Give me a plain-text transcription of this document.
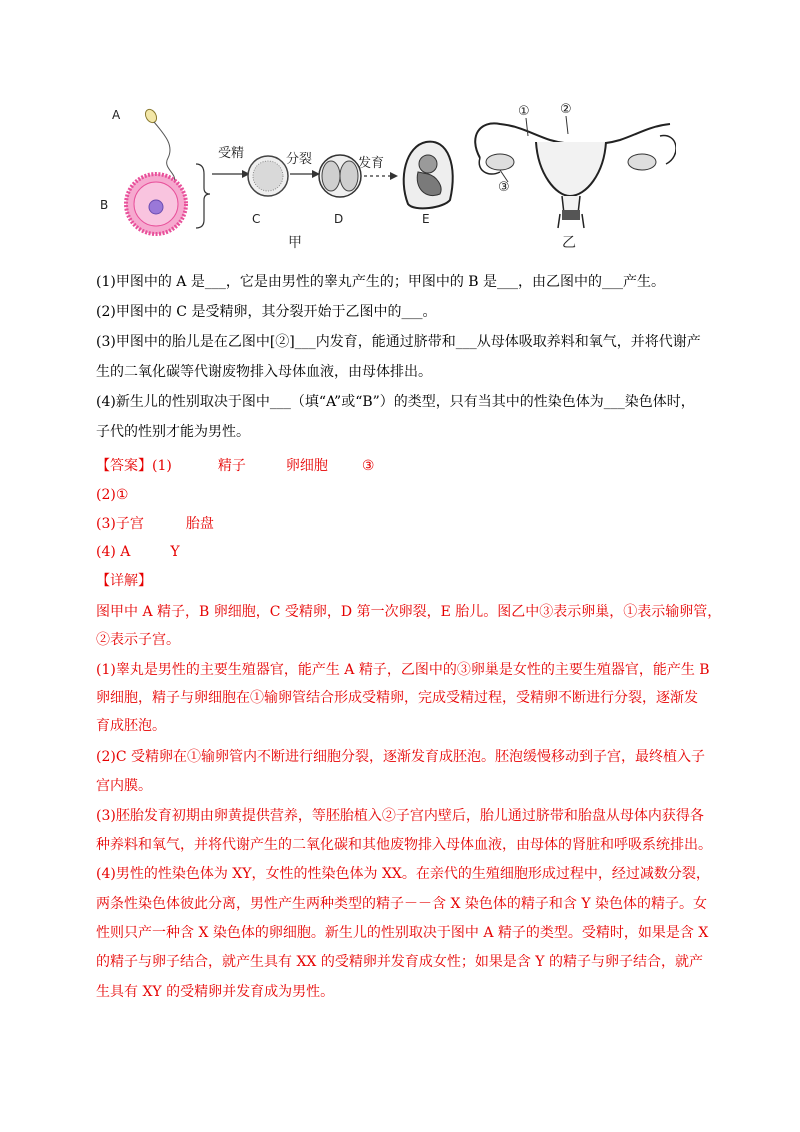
A
B
受精	分裂	发育
C	D	E
甲
① ②
③
乙
(1)甲图中的 A 是___，它是由男性的睾丸产生的；甲图中的 B 是___，由乙图中的___产生。
(2)甲图中的 C 是受精卵，其分裂开始于乙图中的___。
(3)甲图中的胎儿是在乙图中[②]___内发育，能通过脐带和___从母体吸取养料和氧气，并将代谢产
生的二氧化碳等代谢废物排入母体血液，由母体排出。
(4)新生儿的性别取决于图中___（填“A”或“B”）的类型，只有当其中的性染色体为___染色体时，
子代的性别才能为男性。
【答案】(1)	精子	卵细胞 ③
(2)①
(3)子宫	胎盘
(4) A	Y
【详解】
图甲中 A 精子，B 卵细胞，C 受精卵，D 第一次卵裂，E 胎儿。图乙中③表示卵巢，①表示输卵管，
②表示子宫。
(1)睾丸是男性的主要生殖器官，能产生 A 精子，乙图中的③卵巢是女性的主要生殖器官，能产生 B
卵细胞，精子与卵细胞在①输卵管结合形成受精卵，完成受精过程，受精卵不断进行分裂，逐渐发
育成胚泡。
(2)C 受精卵在①输卵管内不断进行细胞分裂，逐渐发育成胚泡。胚泡缓慢移动到子宫，最终植入子
宫内膜。
(3)胚胎发育初期由卵黄提供营养，等胚胎植入②子宫内壁后，胎儿通过脐带和胎盘从母体内获得各
种养料和氧气，并将代谢产生的二氧化碳和其他废物排入母体血液，由母体的肾脏和呼吸系统排出。
(4)男性的性染色体为 XY，女性的性染色体为 XX。在亲代的生殖细胞形成过程中，经过减数分裂，
两条性染色体彼此分离，男性产生两种类型的精子－－含 X 染色体的精子和含 Y 染色体的精子。女
性则只产一种含 X 染色体的卵细胞。新生儿的性别取决于图中 A 精子的类型。受精时，如果是含 X
的精子与卵子结合，就产生具有 XX 的受精卵并发育成女性；如果是含 Y 的精子与卵子结合，就产
生具有 XY 的受精卵并发育成为男性。
